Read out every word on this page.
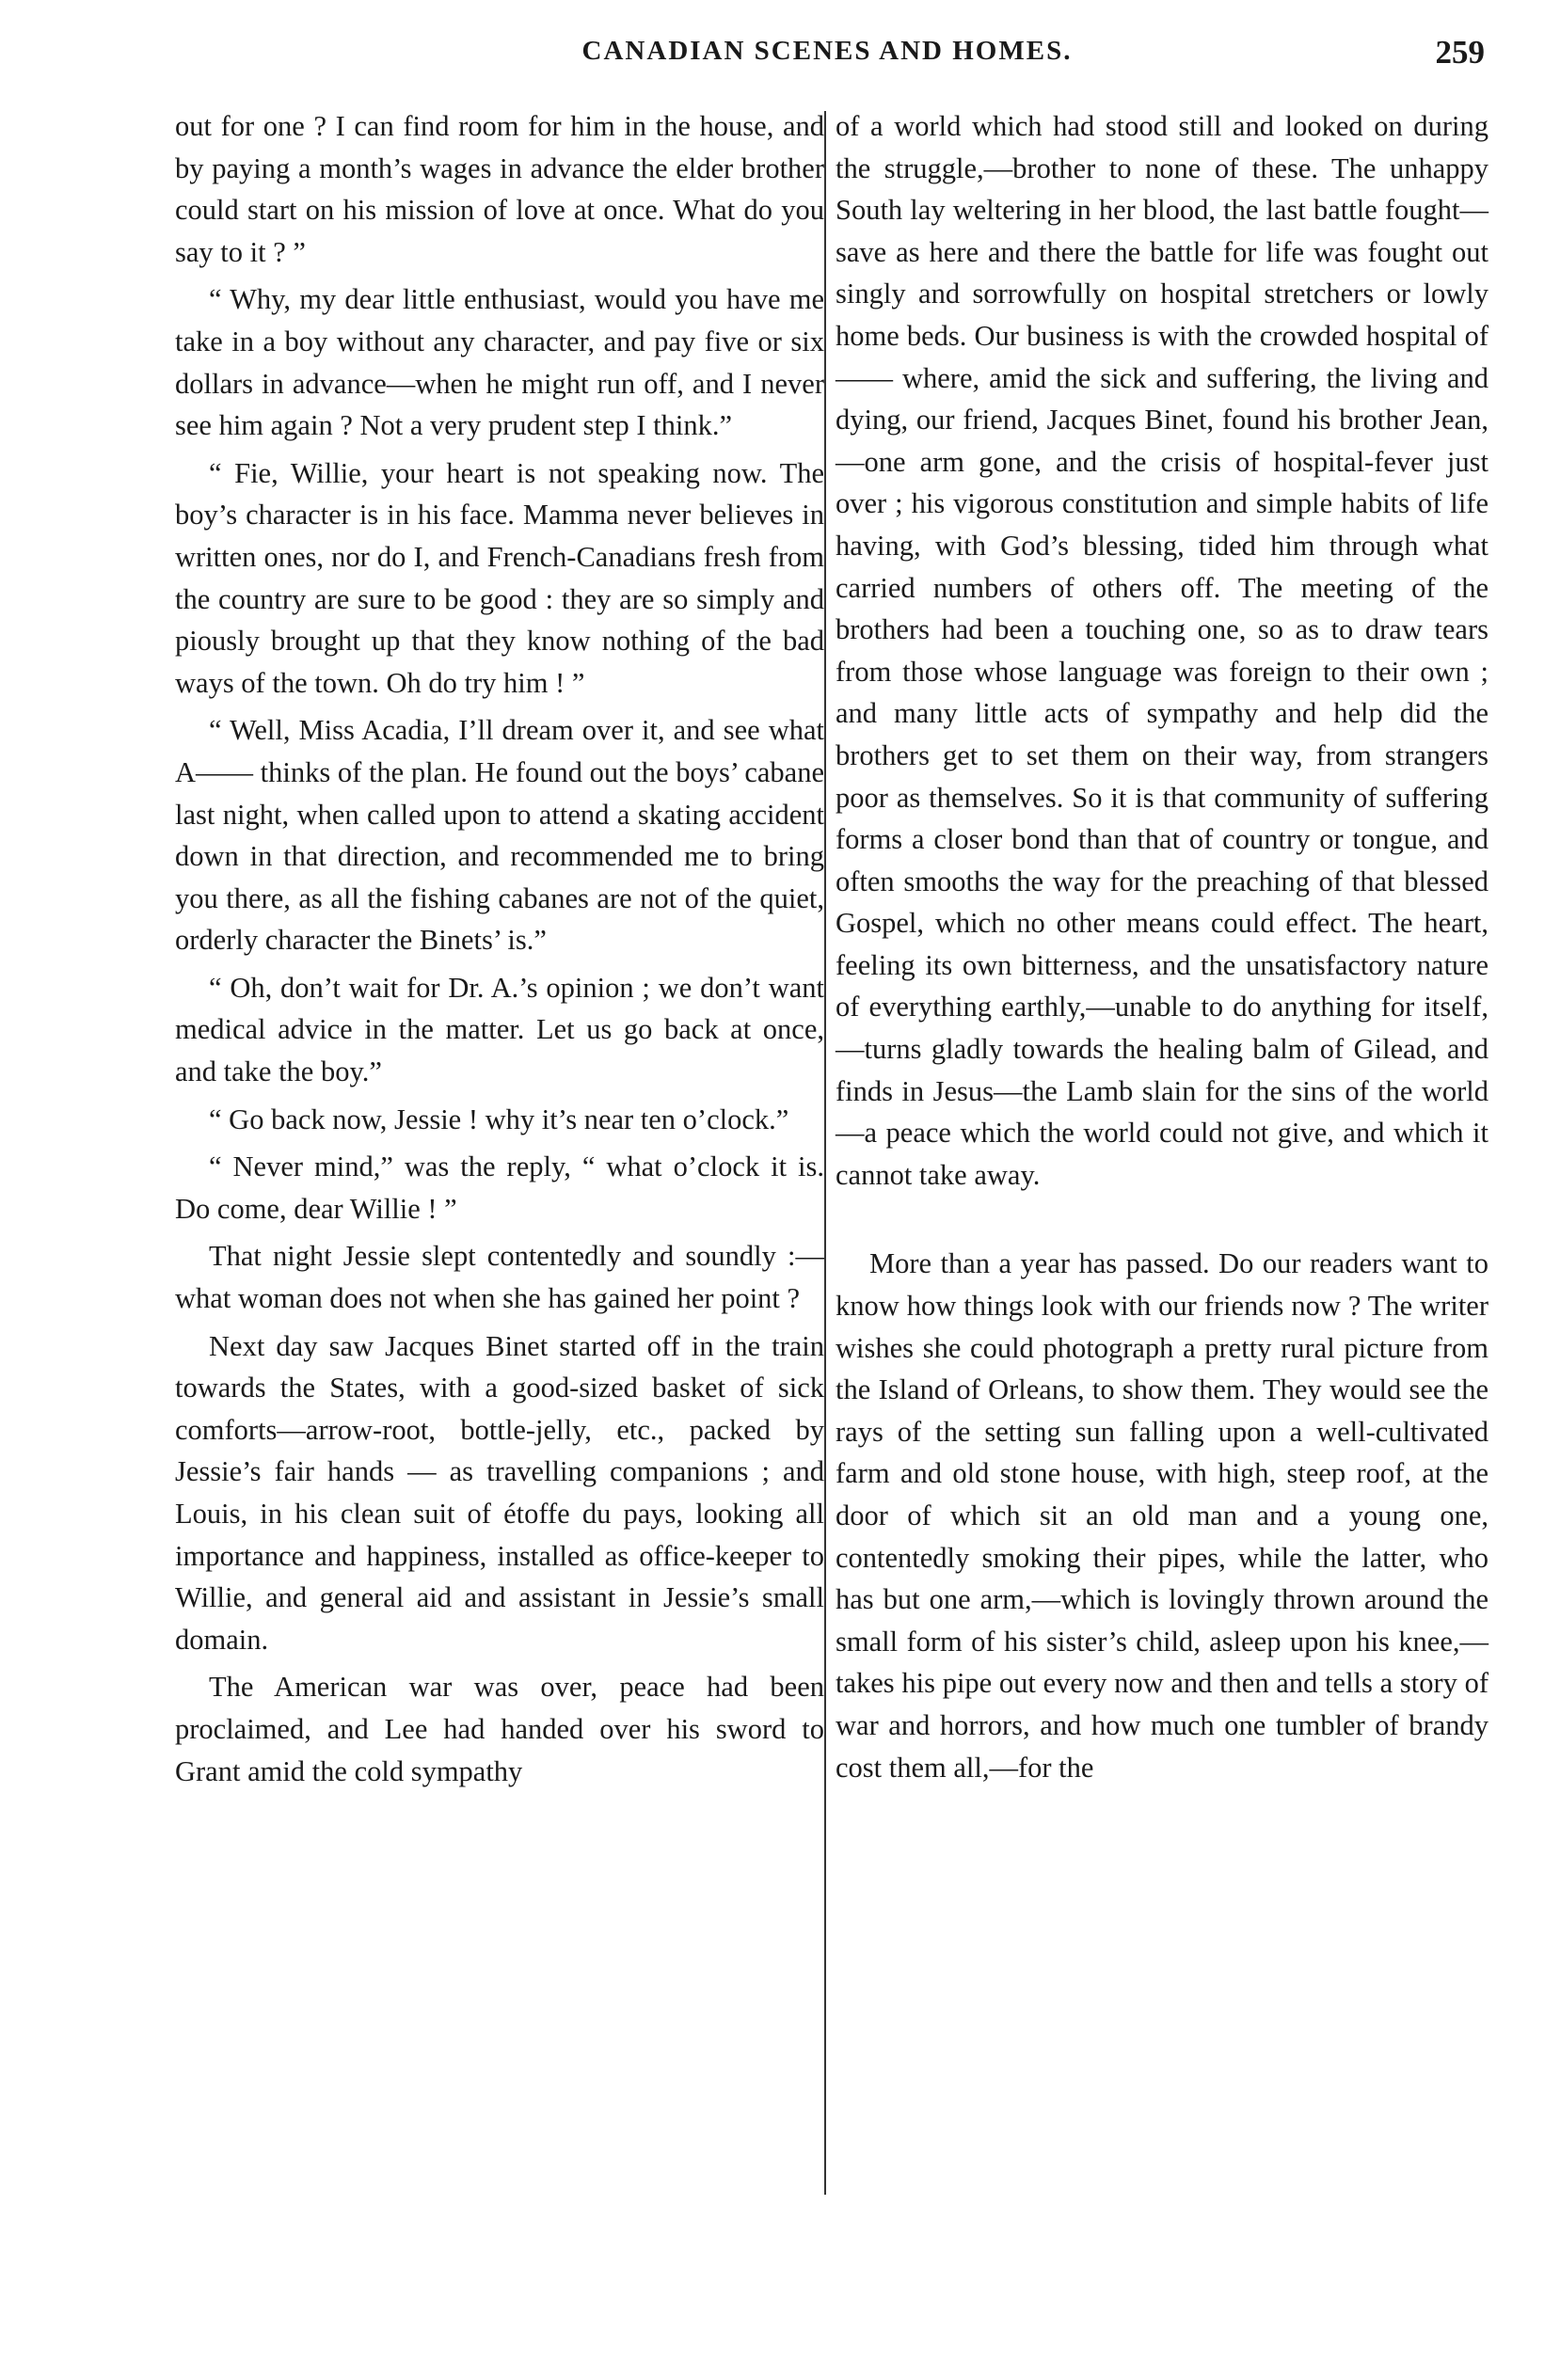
CANADIAN SCENES AND HOMES.	259

out for one ? I can find room for him in the house, and by paying a month’s wages in advance the elder brother could start on his mission of love at once. What do you say to it ? ”

“ Why, my dear little enthusiast, would you have me take in a boy without any character, and pay five or six dollars in advance—when he might run off, and I never see him again ? Not a very prudent step I think.”

“ Fie, Willie, your heart is not speaking now. The boy’s character is in his face. Mamma never believes in written ones, nor do I, and French-Canadians fresh from the country are sure to be good : they are so simply and piously brought up that they know nothing of the bad ways of the town. Oh do try him ! ”

“ Well, Miss Acadia, I’ll dream over it, and see what A—— thinks of the plan. He found out the boys’ cabane last night, when called upon to attend a skating accident down in that direction, and recommended me to bring you there, as all the fishing cabanes are not of the quiet, orderly character the Binets’ is.”

“ Oh, don’t wait for Dr. A.’s opinion ; we don’t want medical advice in the matter. Let us go back at once, and take the boy.”

“ Go back now, Jessie ! why it’s near ten o’clock.”

“ Never mind,” was the reply, “ what o’clock it is. Do come, dear Willie ! ”

That night Jessie slept contentedly and soundly :—what woman does not when she has gained her point ?

Next day saw Jacques Binet started off in the train towards the States, with a good-sized basket of sick comforts—arrow-root, bottle-jelly, etc., packed by Jessie’s fair hands — as travelling companions ; and Louis, in his clean suit of étoffe du pays, looking all importance and happiness, installed as office-keeper to Willie, and general aid and assistant in Jessie’s small domain.

The American war was over, peace had been proclaimed, and Lee had handed over his sword to Grant amid the cold sympathy

of a world which had stood still and looked on during the struggle,—brother to none of these. The unhappy South lay weltering in her blood, the last battle fought—save as here and there the battle for life was fought out singly and sorrowfully on hospital stretchers or lowly home beds. Our business is with the crowded hospital of —— where, amid the sick and suffering, the living and dying, our friend, Jacques Binet, found his brother Jean,—one arm gone, and the crisis of hospital-fever just over ; his vigorous constitution and simple habits of life having, with God’s blessing, tided him through what carried numbers of others off. The meeting of the brothers had been a touching one, so as to draw tears from those whose language was foreign to their own ; and many little acts of sympathy and help did the brothers get to set them on their way, from strangers poor as themselves. So it is that community of suffering forms a closer bond than that of country or tongue, and often smooths the way for the preaching of that blessed Gospel, which no other means could effect. The heart, feeling its own bitterness, and the unsatisfactory nature of everything earthly,—unable to do anything for itself,—turns gladly towards the healing balm of Gilead, and finds in Jesus—the Lamb slain for the sins of the world—a peace which the world could not give, and which it cannot take away.

More than a year has passed. Do our readers want to know how things look with our friends now ? The writer wishes she could photograph a pretty rural picture from the Island of Orleans, to show them. They would see the rays of the setting sun falling upon a well-cultivated farm and old stone house, with high, steep roof, at the door of which sit an old man and a young one, contentedly smoking their pipes, while the latter, who has but one arm,—which is lovingly thrown around the small form of his sister’s child, asleep upon his knee,—takes his pipe out every now and then and tells a story of war and horrors, and how much one tumbler of brandy cost them all,—for the
